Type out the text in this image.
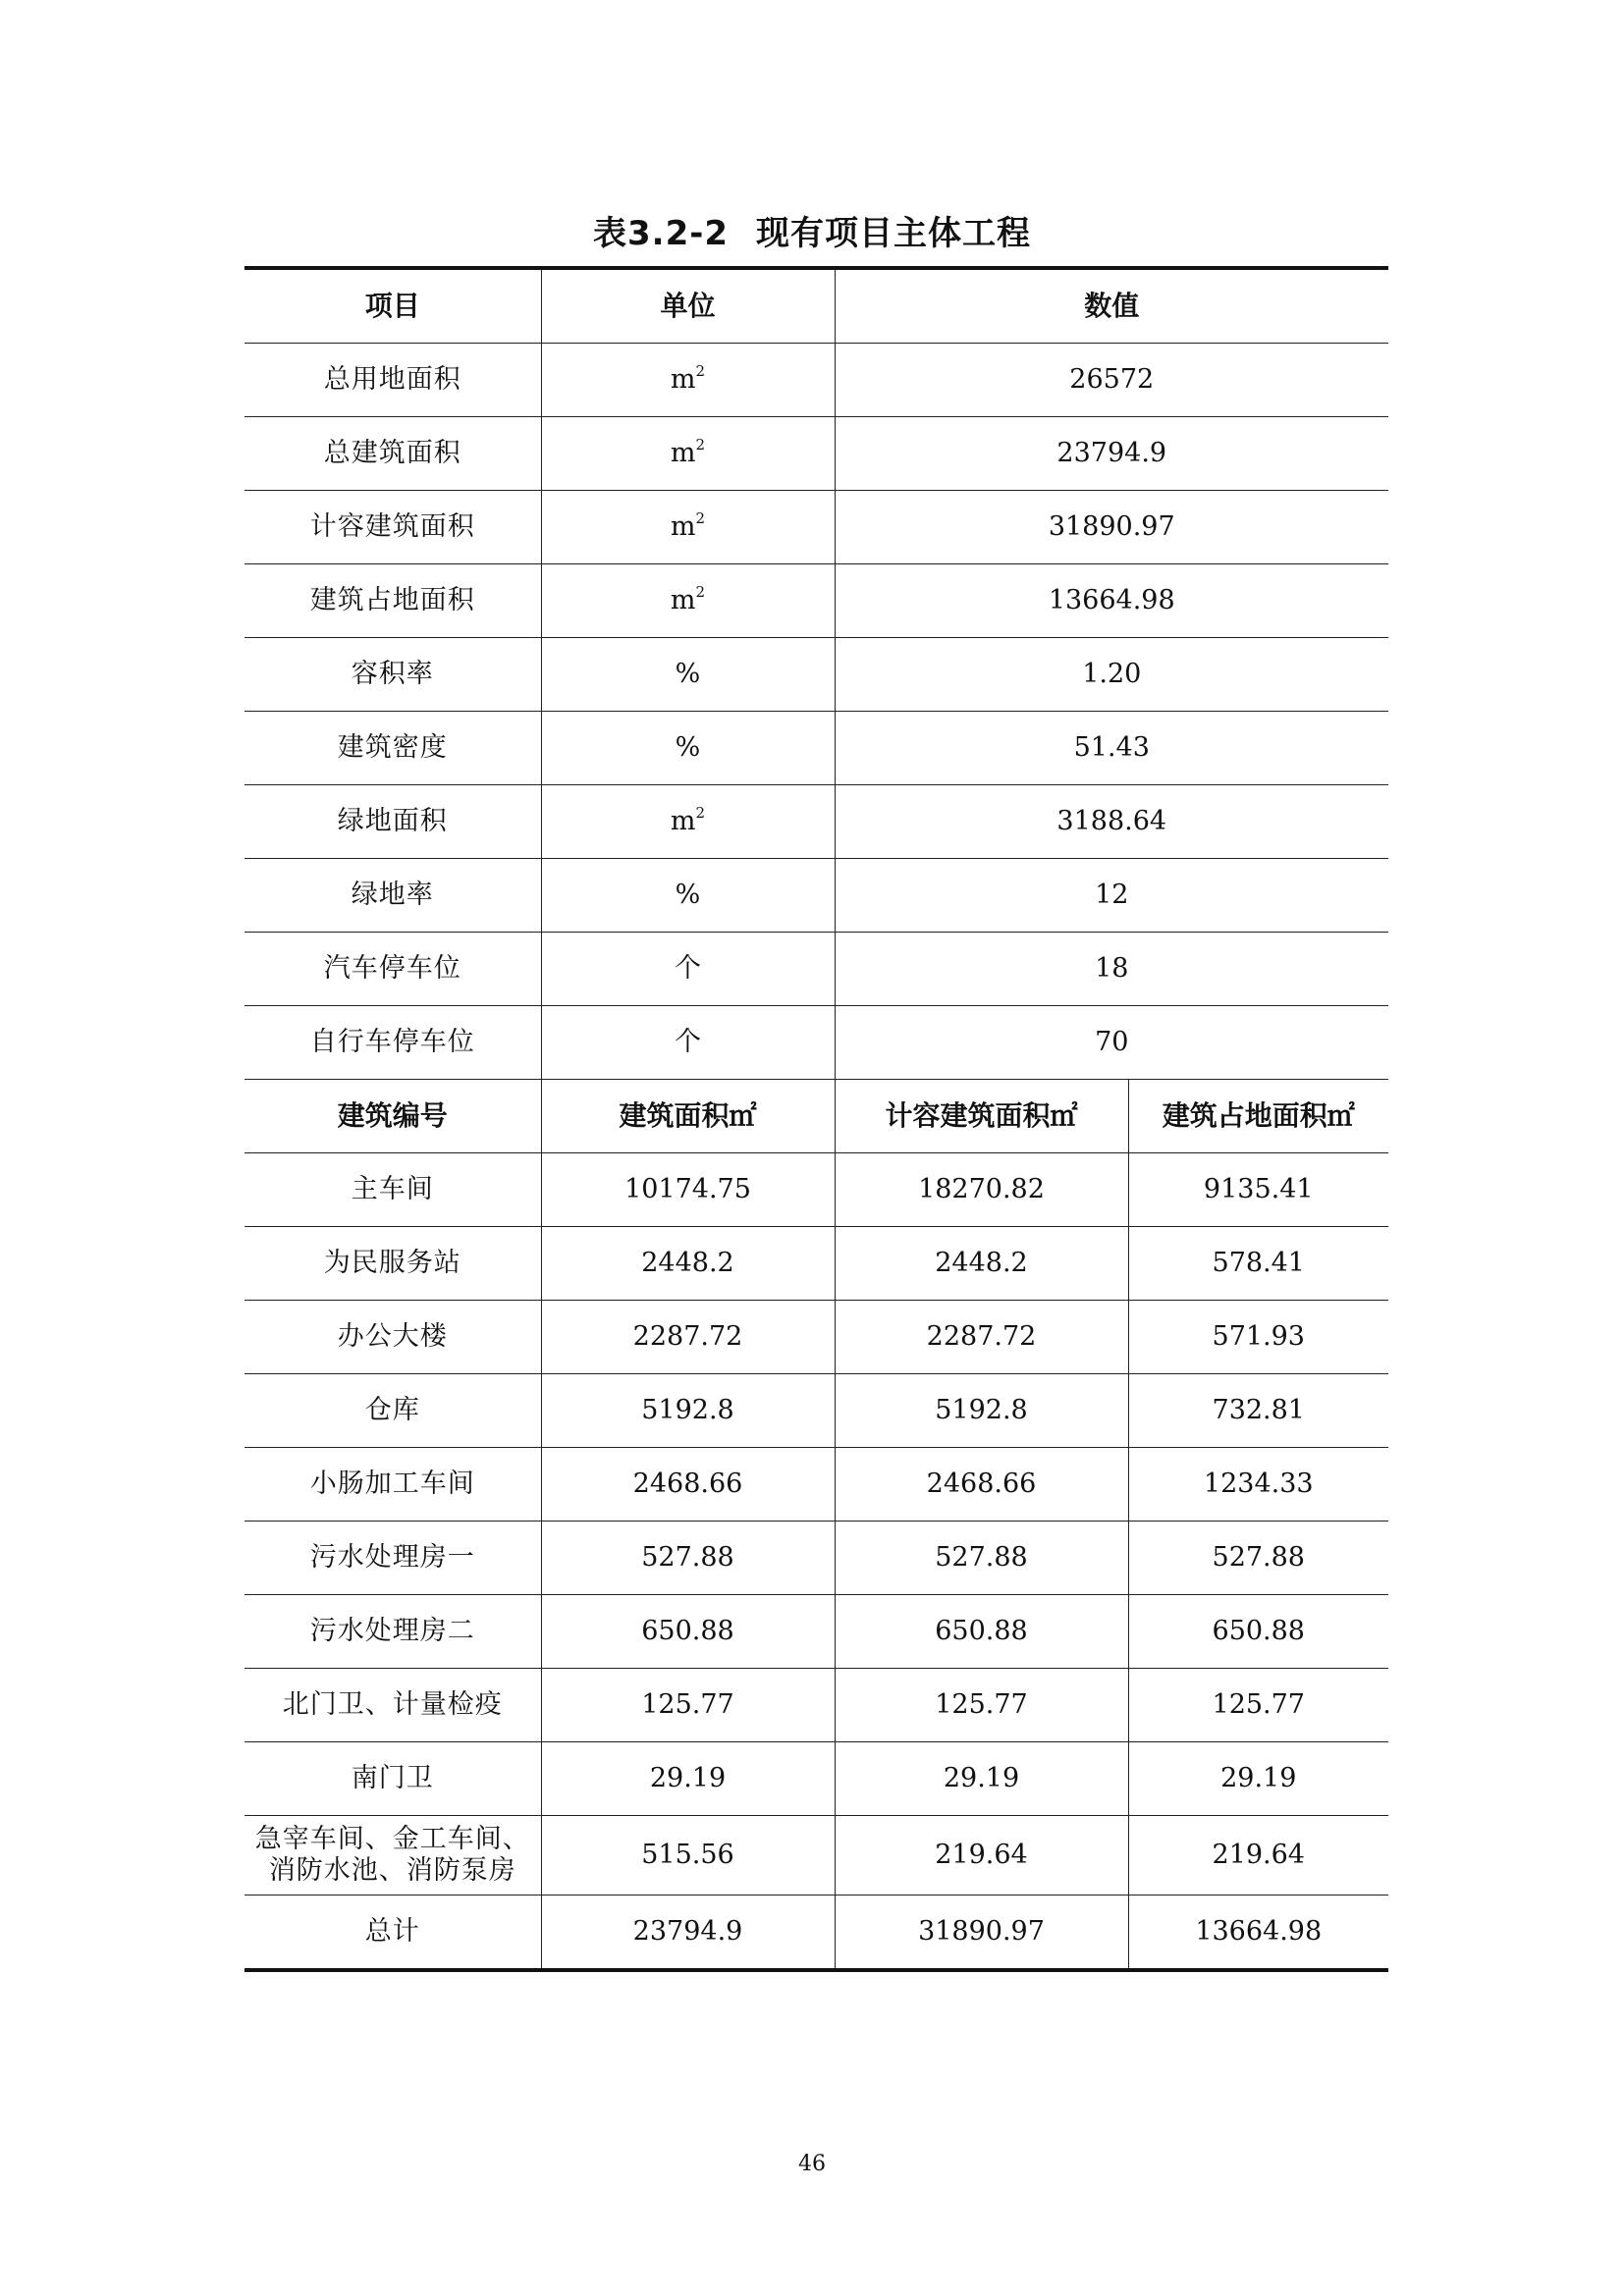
表3.2-2 现有项目主体工程
项目	单位	数值	
总用地面积	$m^2$	26572	
总建筑面积	$m^2$	23794.9	
计容建筑面积	$m^2$	31890.97	
建筑占地面积	$m^2$	13664.98	
容积率	%	1.20	
建筑密度	%	51.43	
绿地面积	$m^2$	3188.64	
绿地率	%	12	
汽车停车位	个	18	
自行车停车位	个	70	
建筑编号	建筑面积㎡	计容建筑面积㎡	建筑占地面积㎡
主车间	10174.75	18270.82	9135.41
为民服务站	2448.2	2448.2	578.41
办公大楼	2287.72	2287.72	571.93
仓库	5192.8	5192.8	732.81
小肠加工车间	2468.66	2468.66	1234.33
污水处理房一	527.88	527.88	527.88
污水处理房二	650.88	650.88	650.88
北门卫、计量检疫	125.77	125.77	125.77
南门卫	29.19	29.19	29.19
急宰车间、金工车间、
消防水池、消防泵房	515.56	219.64	219.64
总计	23794.9	31890.97	13664.98
46
